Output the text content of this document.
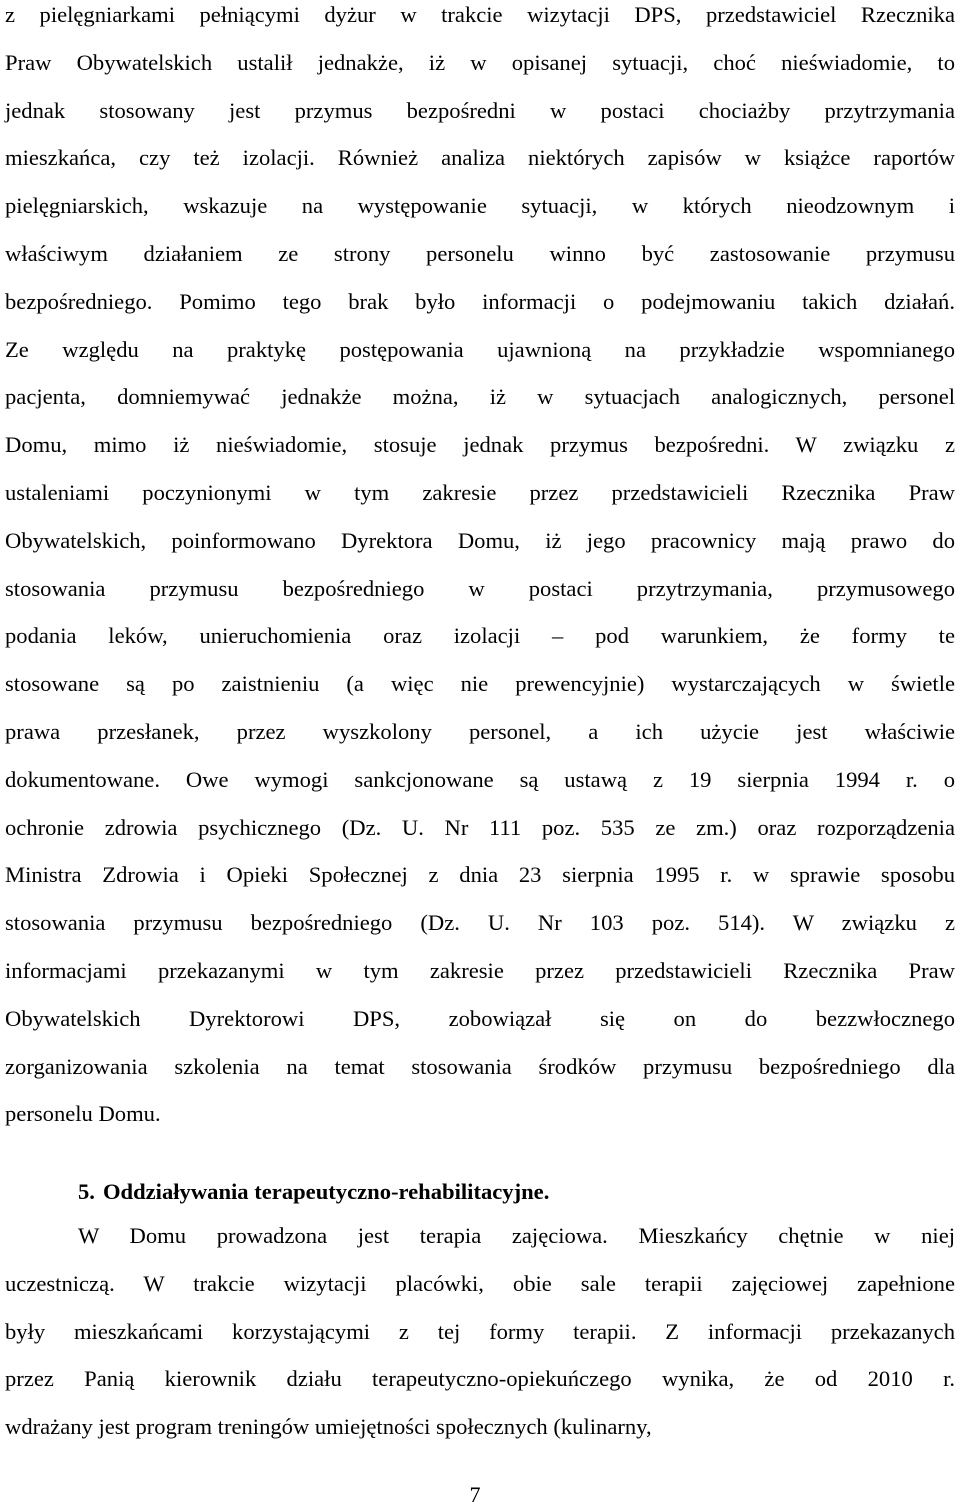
z pielęgniarkami pełniącymi dyżur w trakcie wizytacji DPS, przedstawiciel Rzecznika
Praw Obywatelskich ustalił jednakże, iż w opisanej sytuacji, choć nieświadomie, to
jednak stosowany jest przymus bezpośredni w postaci chociażby przytrzymania
mieszkańca, czy też izolacji. Również analiza niektórych zapisów w książce raportów
pielęgniarskich, wskazuje na występowanie sytuacji, w których nieodzownym i
właściwym działaniem ze strony personelu winno być zastosowanie przymusu
bezpośredniego. Pomimo tego brak było informacji o podejmowaniu takich działań.
Ze względu na praktykę postępowania ujawnioną na przykładzie wspomnianego
pacjenta, domniemywać jednakże można, iż w sytuacjach analogicznych, personel
Domu, mimo iż nieświadomie, stosuje jednak przymus bezpośredni. W związku z
ustaleniami poczynionymi w tym zakresie przez przedstawicieli Rzecznika Praw
Obywatelskich, poinformowano Dyrektora Domu, iż jego pracownicy mają prawo do
stosowania przymusu bezpośredniego w postaci przytrzymania, przymusowego
podania leków, unieruchomienia oraz izolacji – pod warunkiem, że formy te
stosowane są po zaistnieniu (a więc nie prewencyjnie) wystarczających w świetle
prawa przesłanek, przez wyszkolony personel, a ich użycie jest właściwie
dokumentowane. Owe wymogi sankcjonowane są ustawą z 19 sierpnia 1994 r. o
ochronie zdrowia psychicznego (Dz. U. Nr 111 poz. 535 ze zm.) oraz rozporządzenia
Ministra Zdrowia i Opieki Społecznej z dnia 23 sierpnia 1995 r. w sprawie sposobu
stosowania przymusu bezpośredniego (Dz. U. Nr 103 poz. 514). W związku z
informacjami przekazanymi w tym zakresie przez przedstawicieli Rzecznika Praw
Obywatelskich Dyrektorowi DPS, zobowiązał się on do bezzwłocznego
zorganizowania szkolenia na temat stosowania środków przymusu bezpośredniego dla
personelu Domu.
5. Oddziaływania terapeutyczno-rehabilitacyjne.
W Domu prowadzona jest terapia zajęciowa. Mieszkańcy chętnie w niej
uczestniczą. W trakcie wizytacji placówki, obie sale terapii zajęciowej zapełnione
były mieszkańcami korzystającymi z tej formy terapii. Z informacji przekazanych
przez Panią kierownik działu terapeutyczno-opiekuńczego wynika, że od 2010 r.
wdrażany jest program treningów umiejętności społecznych (kulinarny,
7
